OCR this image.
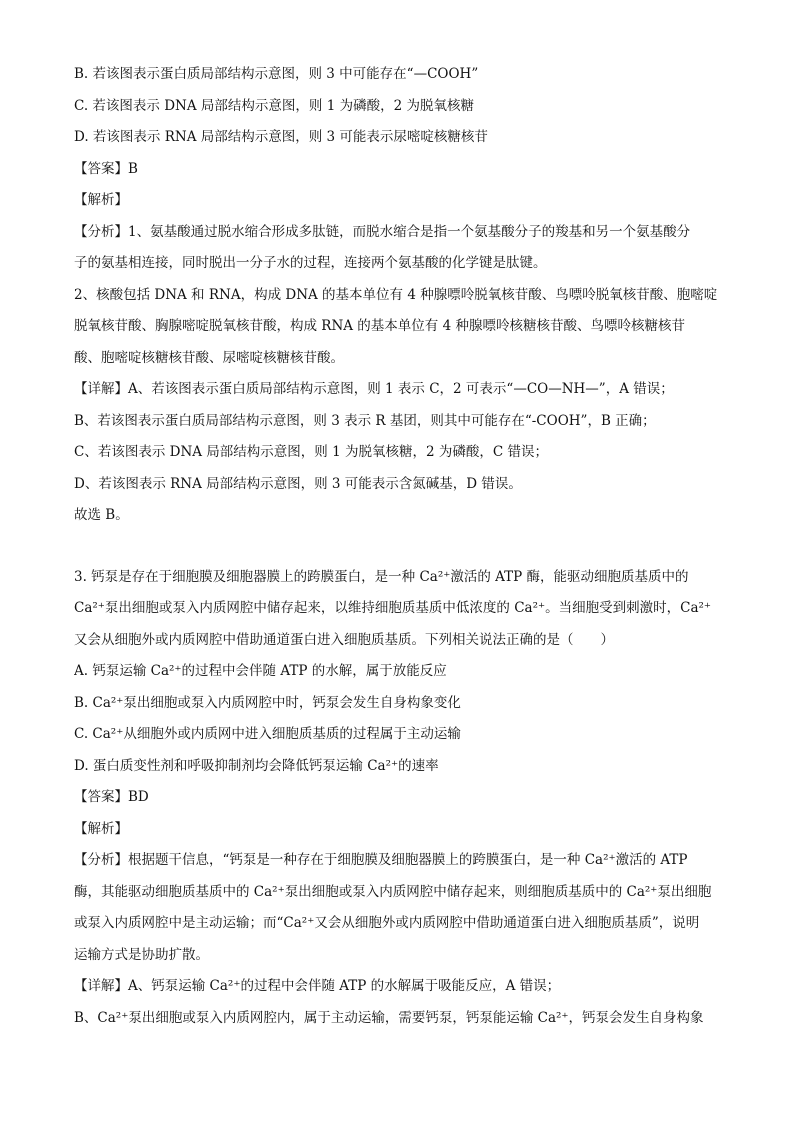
B. 若该图表示蛋白质局部结构示意图，则 3 中可能存在“—COOH”
C. 若该图表示 DNA 局部结构示意图，则 1 为磷酸，2 为脱氧核糖
D. 若该图表示 RNA 局部结构示意图，则 3 可能表示尿嘧啶核糖核苷
【答案】B
【解析】
【分析】1、氨基酸通过脱水缩合形成多肽链，而脱水缩合是指一个氨基酸分子的羧基和另一个氨基酸分
子的氨基相连接，同时脱出一分子水的过程，连接两个氨基酸的化学键是肽键。
2、核酸包括 DNA 和 RNA，构成 DNA 的基本单位有 4 种腺嘌呤脱氧核苷酸、鸟嘌呤脱氧核苷酸、胞嘧啶
脱氧核苷酸、胸腺嘧啶脱氧核苷酸，构成 RNA 的基本单位有 4 种腺嘌呤核糖核苷酸、鸟嘌呤核糖核苷
酸、胞嘧啶核糖核苷酸、尿嘧啶核糖核苷酸。
【详解】A、若该图表示蛋白质局部结构示意图，则 1 表示 C，2 可表示“—CO—NH—”，A 错误；
B、若该图表示蛋白质局部结构示意图，则 3 表示 R 基团，则其中可能存在“-COOH”，B 正确；
C、若该图表示 DNA 局部结构示意图，则 1 为脱氧核糖，2 为磷酸，C 错误；
D、若该图表示 RNA 局部结构示意图，则 3 可能表示含氮碱基，D 错误。
故选 B。
3. 钙泵是存在于细胞膜及细胞器膜上的跨膜蛋白，是一种 Ca²⁺激活的 ATP 酶，能驱动细胞质基质中的
Ca²⁺泵出细胞或泵入内质网腔中储存起来，以维持细胞质基质中低浓度的 Ca²⁺。当细胞受到刺激时，Ca²⁺
又会从细胞外或内质网腔中借助通道蛋白进入细胞质基质。下列相关说法正确的是（　　）
A. 钙泵运输 Ca²⁺的过程中会伴随 ATP 的水解，属于放能反应
B. Ca²⁺泵出细胞或泵入内质网腔中时，钙泵会发生自身构象变化
C. Ca²⁺从细胞外或内质网中进入细胞质基质的过程属于主动运输
D. 蛋白质变性剂和呼吸抑制剂均会降低钙泵运输 Ca²⁺的速率
【答案】BD
【解析】
【分析】根据题干信息，“钙泵是一种存在于细胞膜及细胞器膜上的跨膜蛋白，是一种 Ca²⁺激活的 ATP
酶，其能驱动细胞质基质中的 Ca²⁺泵出细胞或泵入内质网腔中储存起来，则细胞质基质中的 Ca²⁺泵出细胞
或泵入内质网腔中是主动运输；而“Ca²⁺又会从细胞外或内质网腔中借助通道蛋白进入细胞质基质”，说明
运输方式是协助扩散。
【详解】A、钙泵运输 Ca²⁺的过程中会伴随 ATP 的水解属于吸能反应，A 错误；
B、Ca²⁺泵出细胞或泵入内质网腔内，属于主动运输，需要钙泵，钙泵能运输 Ca²⁺，钙泵会发生自身构象
